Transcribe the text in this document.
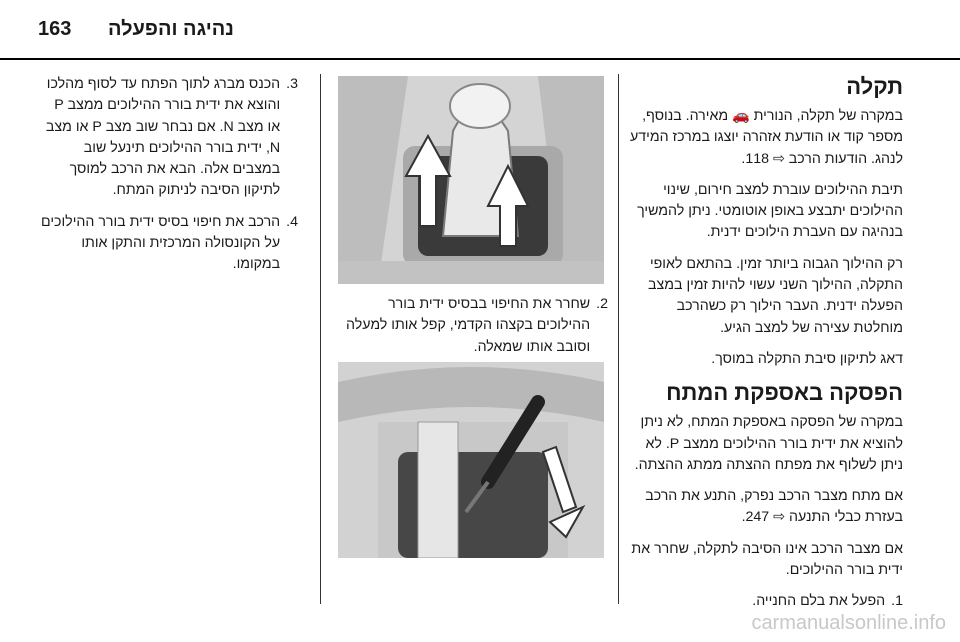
163 נהיגה והפעלה
תקלה

במקרה של תקלה, הנורית 🚗 מאירה. בנוסף, מספר קוד או הודעת אזהרה יוצגו במרכז המידע לנהג. הודעות הרכב ⇨ 118.

תיבת ההילוכים עוברת למצב חירום, שינוי ההילוכים יתבצע באופן אוטומטי. ניתן להמשיך בנהיגה עם העברת הילוכים ידנית.

רק ההילוך הגבוה ביותר זמין. בהתאם לאופי התקלה, ההילוך השני עשוי להיות זמין במצב הפעלה ידנית. העבר הילוך רק כשהרכב מוחלטת עצירה של למצב הגיע.

דאג לתיקון סיבת התקלה במוסך.

הפסקה באספקת המתח

במקרה של הפסקה באספקת המתח, לא ניתן להוציא את ידית בורר ההילוכים ממצב P. לא ניתן לשלוף את מפתח ההצתה ממתג ההצתה.

אם מתח מצבר הרכב נפרק, התנע את הרכב בעזרת כבלי התנעה ⇨ 247.

אם מצבר הרכב אינו הסיבה לתקלה, שחרר את ידית בורר ההילוכים.

1.
הפעל את בלם החנייה.
2.
שחרר את החיפוי בבסיס ידית בורר ההילוכים בקצהו הקדמי, קפל אותו למעלה וסובב אותו שמאלה.
3.
הכנס מברג לתוך הפתח עד לסוף מהלכו והוצא את ידית בורר ההילוכים ממצב P או מצב N. אם נבחר שוב מצב P או מצב N, ידית בורר ההילוכים תינעל שוב במצבים אלה. הבא את הרכב למוסך לתיקון הסיבה לניתוק המתח.
4.
הרכב את חיפוי בסיס ידית בורר ההילוכים על הקונסולה המרכזית והתקן אותו במקומו.
carmanualsonline.info
